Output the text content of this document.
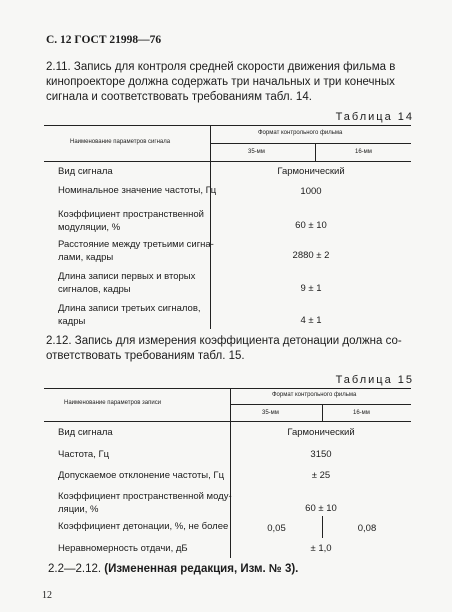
С. 12 ГОСТ 21998—76
2.11. Запись для контроля средней скорости движения фильма в
кинопроекторе должна содержать три начальных и три конечных
сигнала и соответствовать требованиям табл. 14.
Таблица 14
Наименование параметров сигнала
Формат контрольного фильма
35-мм	16-мм
Вид сигнала	Гармонический
Номинальное значение частоты, Гц	1000
Коэффициент пространственной
модуляции, %	60 ± 10
Расстояние между третьими сигна-
лами, кадры	2880 ± 2
Длина записи первых и вторых
сигналов, кадры	9 ± 1
Длина записи третьих сигналов,
кадры	4 ± 1
2.12. Запись для измерения коэффициента детонации должна со-
ответствовать требованиям табл. 15.
Таблица 15
Наименование параметров записи
Формат контрольного фильма
35-мм	16-мм
Вид сигнала	Гармонический
Частота, Гц	3150
Допускаемое отклонение частоты, Гц	± 25
Коэффициент пространственной моду-
ляции, %	60 ± 10
Коэффициент детонации, %, не более	0,05	0,08
Неравномерность отдачи, дБ	± 1,0
2.2—2.12. (Измененная редакция, Изм. № 3).
12
